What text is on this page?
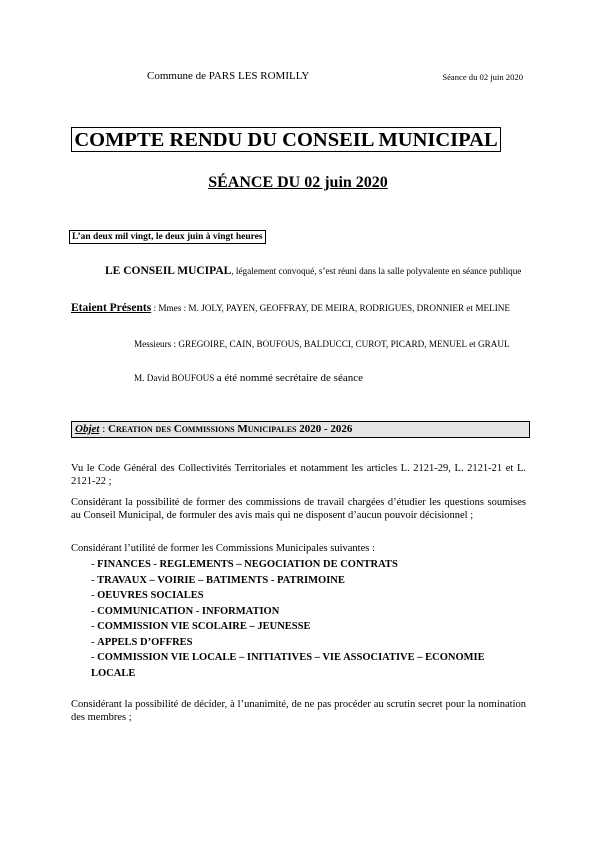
Commune de PARS LES ROMILLY	Séance du 02 juin 2020
COMPTE RENDU DU CONSEIL MUNICIPAL
SÉANCE DU 02 juin 2020
L’an deux mil vingt, le deux juin à vingt heures
LE CONSEIL MUCIPAL, légalement convoqué, s’est réuni dans la salle polyvalente en séance publique
Etaient Présents : Mmes : M. JOLY, PAYEN, GEOFFRAY, DE MEIRA, RODRIGUES, DRONNIER et MELINE
Messieurs : GREGOIRE, CAIN, BOUFOUS, BALDUCCI, CUROT, PICARD, MENUEL et GRAUL
M. David BOUFOUS a été nommé secrétaire de séance
Objet : Creation des Commissions Municipales 2020 - 2026
Vu le Code Général des Collectivités Territoriales et notamment les articles L. 2121-29, L. 2121-21 et L. 2121-22 ;
Considérant la possibilité de former des commissions de travail chargées d’étudier les questions soumises au Conseil Municipal, de formuler des avis mais qui ne disposent d’aucun pouvoir décisionnel ;
Considérant l’utilité de former les Commissions Municipales suivantes :
- FINANCES - REGLEMENTS – NEGOCIATION DE CONTRATS
- TRAVAUX – VOIRIE – BATIMENTS - PATRIMOINE
- OEUVRES SOCIALES
- COMMUNICATION - INFORMATION
- COMMISSION VIE SCOLAIRE – JEUNESSE
- APPELS D’OFFRES
- COMMISSION VIE LOCALE – INITIATIVES – VIE ASSOCIATIVE – ECONOMIE LOCALE
Considérant la possibilité de décider, à l’unanimité, de ne pas procéder au scrutin secret pour la nomination des membres ;
